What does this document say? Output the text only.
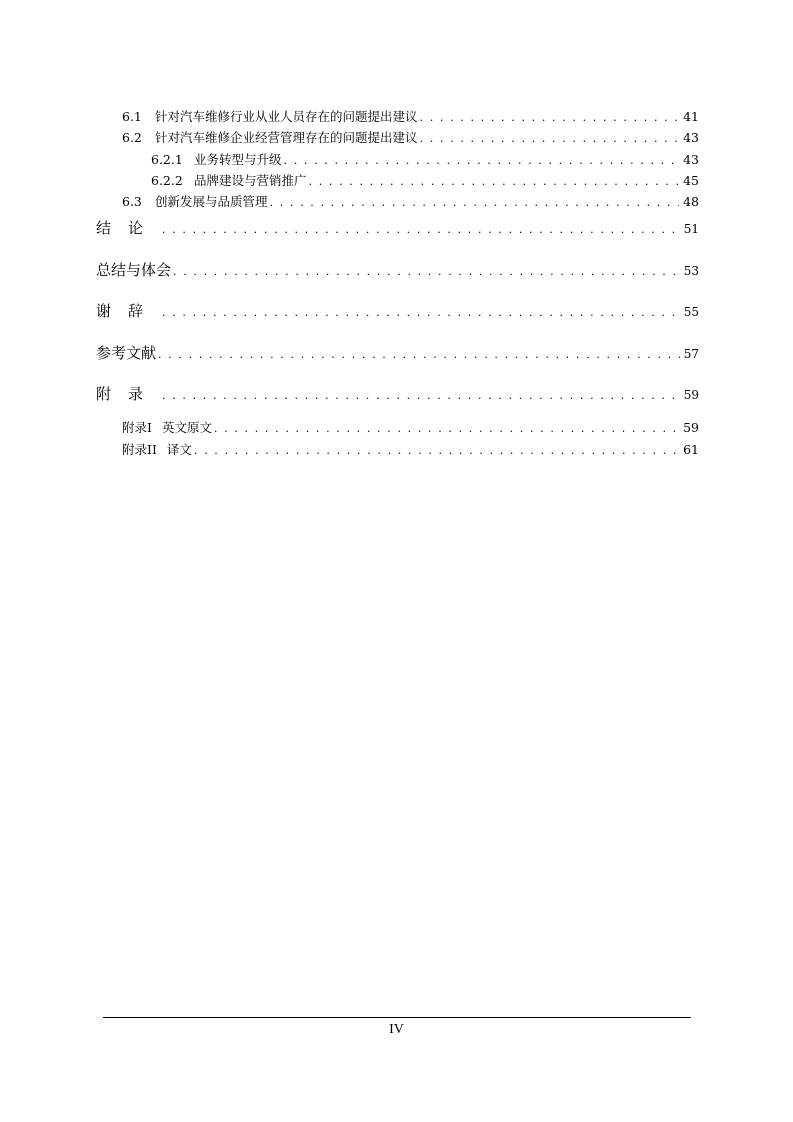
6.1	针对汽车维修行业从业人员存在的问题提出建议 . . .	41
6.2	针对汽车维修企业经营管理存在的问题提出建议 . . .	43
6.2.1 业务转型与升级 . . .	43
6.2.2 品牌建设与营销推广 . . .	45
6.3	创新发展与品质管理 . . .	48
结论 . . .	51
总结与体会 . . .	53
谢辞 . . .	55
参考文献 . . .	57
附录 . . .	59
附录I 英文原文 . . .	59
附录II 译文 . . .	61
IV
